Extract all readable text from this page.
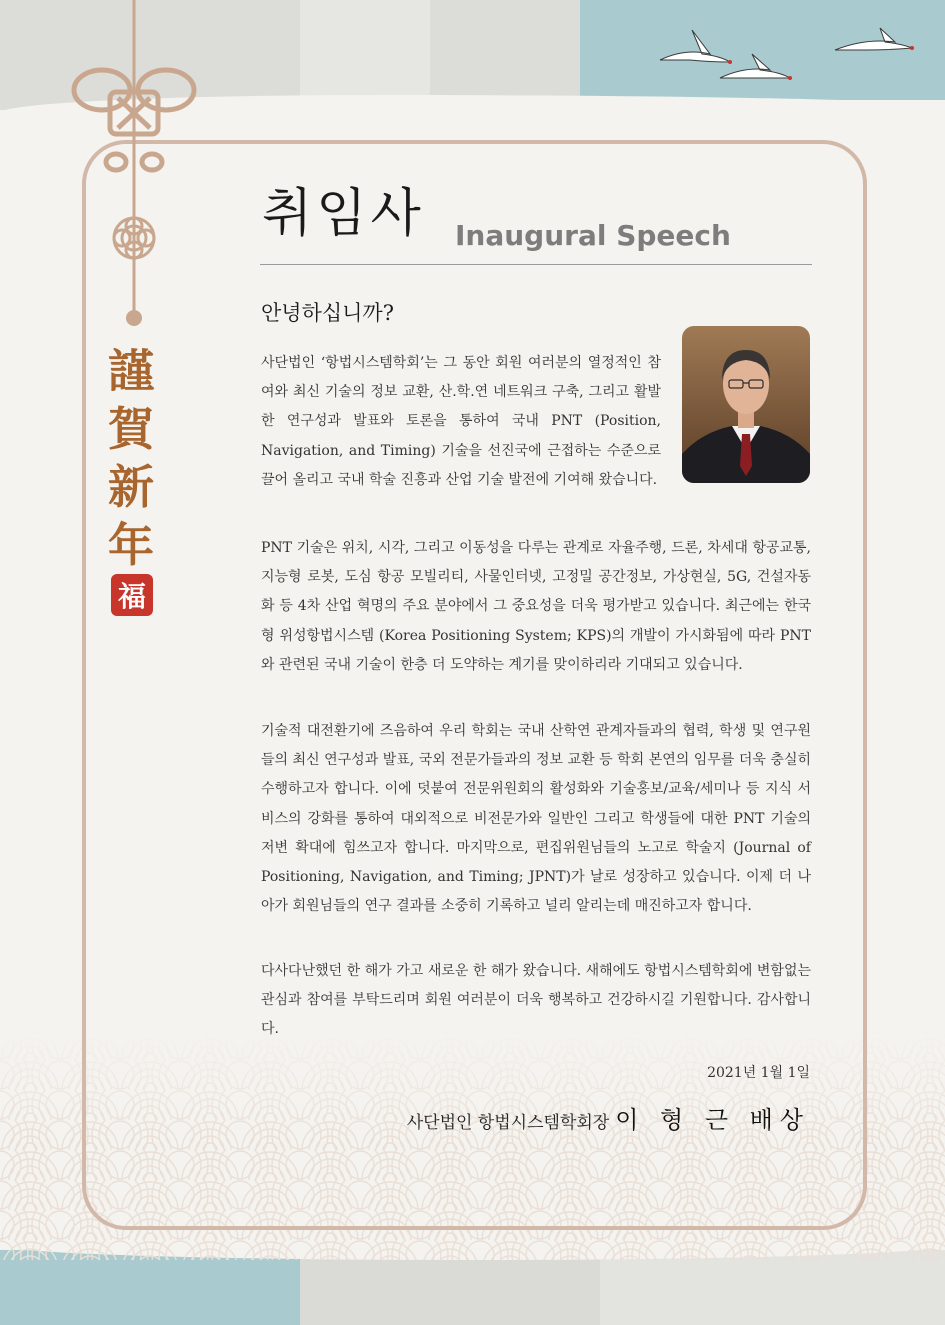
謹
賀
新
年
福
취임사 Inaugural Speech
안녕하십니까?

사단법인 ‘항법시스템학회’는 그 동안 회원 여러분의 열정적인 참여와 최신 기술의 정보 교환, 산.학.연 네트워크 구축, 그리고 활발한 연구성과 발표와 토론을 통하여 국내 PNT (Position, Navigation, and Timing) 기술을 선진국에 근접하는 수준으로 끌어 올리고 국내 학술 진흥과 산업 기술 발전에 기여해 왔습니다.

PNT 기술은 위치, 시각, 그리고 이동성을 다루는 관계로 자율주행, 드론, 차세대 항공교통, 지능형 로봇, 도심 항공 모빌리티, 사물인터넷, 고정밀 공간정보, 가상현실, 5G, 건설자동화 등 4차 산업 혁명의 주요 분야에서 그 중요성을 더욱 평가받고 있습니다. 최근에는 한국형 위성항법시스템 (Korea Positioning System; KPS)의 개발이 가시화됨에 따라 PNT와 관련된 국내 기술이 한층 더 도약하는 계기를 맞이하리라 기대되고 있습니다.

기술적 대전환기에 즈음하여 우리 학회는 국내 산학연 관계자들과의 협력, 학생 및 연구원들의 최신 연구성과 발표, 국외 전문가들과의 정보 교환 등 학회 본연의 임무를 더욱 충실히 수행하고자 합니다. 이에 덧붙여 전문위원회의 활성화와 기술홍보/교육/세미나 등 지식 서비스의 강화를 통하여 대외적으로 비전문가와 일반인 그리고 학생들에 대한 PNT 기술의 저변 확대에 힘쓰고자 합니다. 마지막으로, 편집위원님들의 노고로 학술지 (Journal of Positioning, Navigation, and Timing; JPNT)가 날로 성장하고 있습니다. 이제 더 나아가 회원님들의 연구 결과를 소중히 기록하고 널리 알리는데 매진하고자 합니다.

다사다난했던 한 해가 가고 새로운 한 해가 왔습니다. 새해에도 항법시스템학회에 변함없는 관심과 참여를 부탁드리며 회원 여러분이 더욱 행복하고 건강하시길 기원합니다. 감사합니다.

2021년 1월 1일
사단법인 항법시스템학회장 이 형 근 배상
